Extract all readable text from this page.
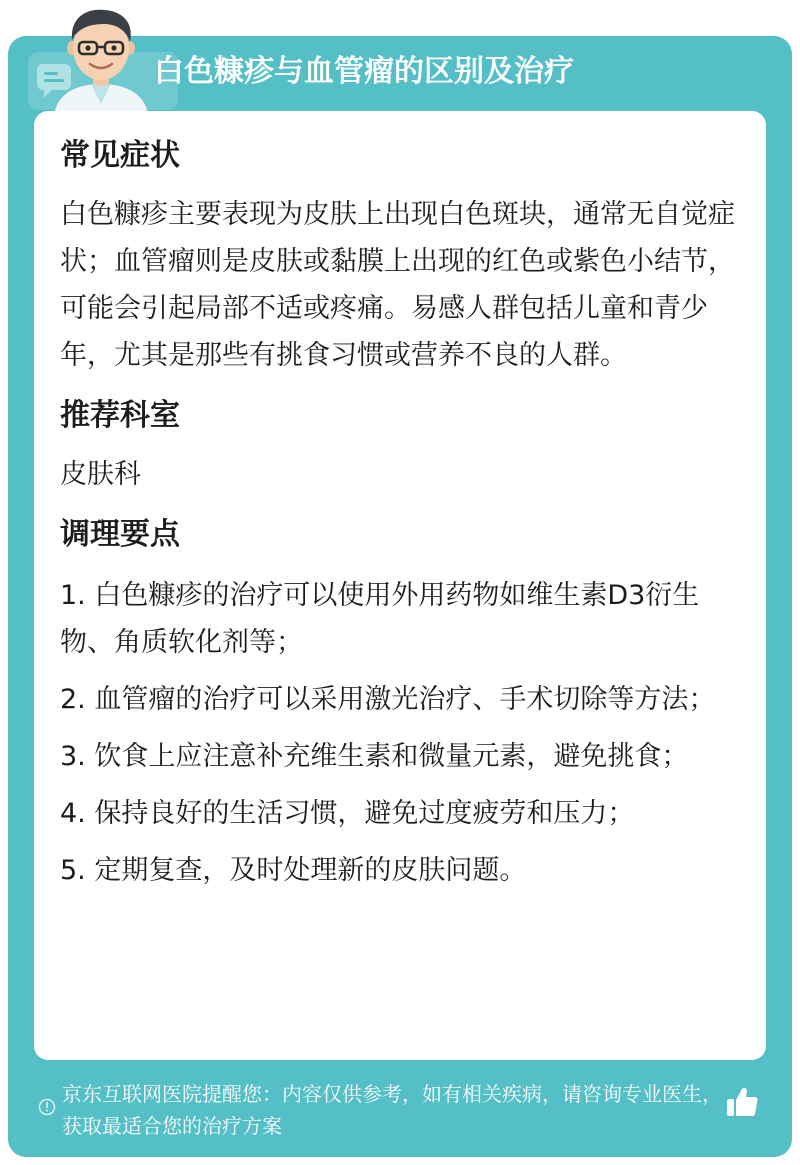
白色糠疹与血管瘤的区别及治疗
常见症状
白色糠疹主要表现为皮肤上出现白色斑块，通常无自觉症状；血管瘤则是皮肤或黏膜上出现的红色或紫色小结节，可能会引起局部不适或疼痛。易感人群包括儿童和青少年，尤其是那些有挑食习惯或营养不良的人群。
推荐科室
皮肤科
调理要点
1. 白色糠疹的治疗可以使用外用药物如维生素D3衍生物、角质软化剂等；
2. 血管瘤的治疗可以采用激光治疗、手术切除等方法；
3. 饮食上应注意补充维生素和微量元素，避免挑食；
4. 保持良好的生活习惯，避免过度疲劳和压力；
5. 定期复查，及时处理新的皮肤问题。
京东互联网医院提醒您：内容仅供参考，如有相关疾病，请咨询专业医生，获取最适合您的治疗方案
